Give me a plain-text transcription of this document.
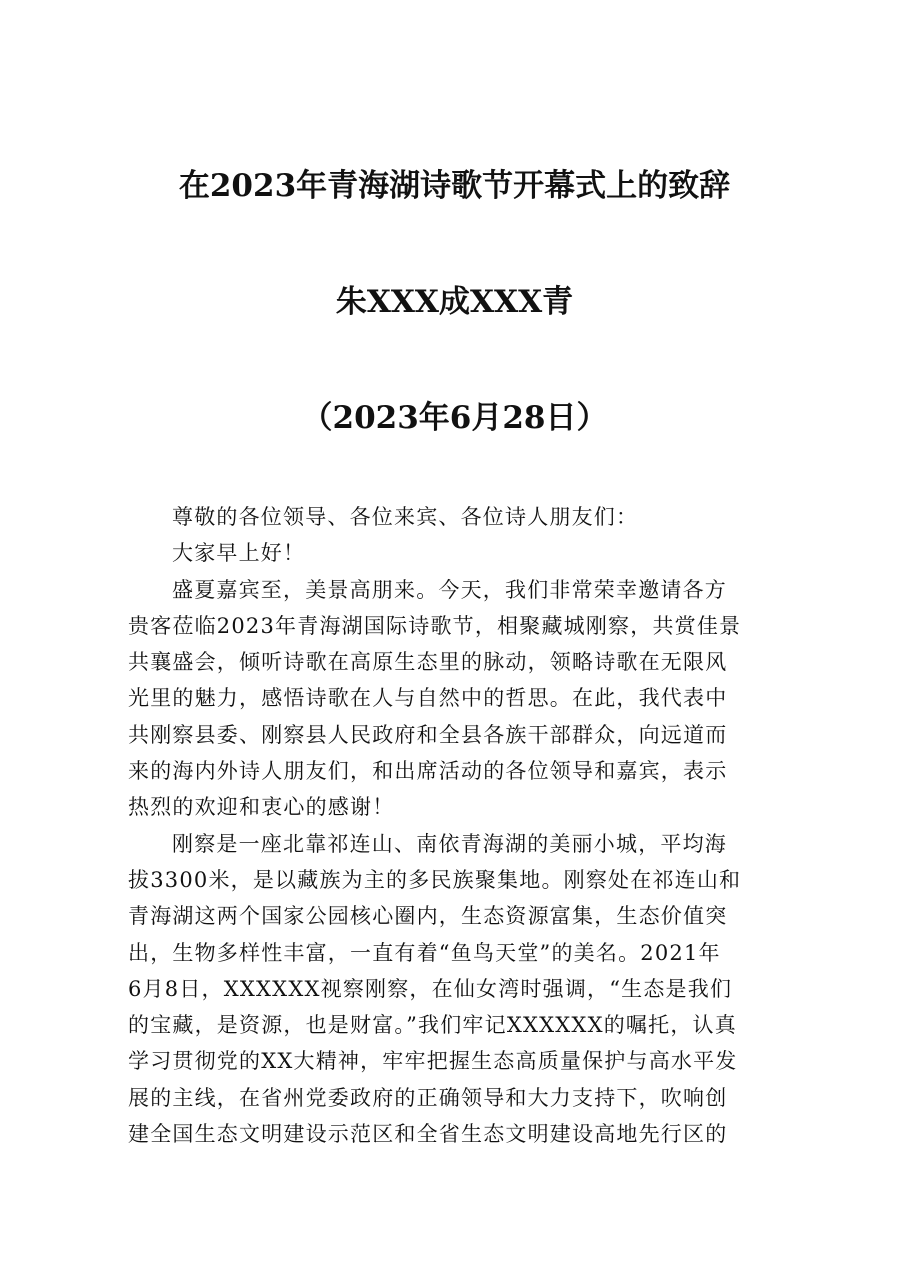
在2023年青海湖诗歌节开幕式上的致辞
朱XXX成XXX青
（2023年6月28日）
尊敬的各位领导、各位来宾、各位诗人朋友们：
大家早上好！
盛夏嘉宾至，美景高朋来。今天，我们非常荣幸邀请各方
贵客莅临2023年青海湖国际诗歌节，相聚藏城刚察，共赏佳景
共襄盛会，倾听诗歌在高原生态里的脉动，领略诗歌在无限风
光里的魅力，感悟诗歌在人与自然中的哲思。在此，我代表中
共刚察县委、刚察县人民政府和全县各族干部群众，向远道而
来的海内外诗人朋友们，和出席活动的各位领导和嘉宾，表示
热烈的欢迎和衷心的感谢！
刚察是一座北靠祁连山、南依青海湖的美丽小城，平均海
拔3300米，是以藏族为主的多民族聚集地。刚察处在祁连山和
青海湖这两个国家公园核心圈内，生态资源富集，生态价值突
出，生物多样性丰富，一直有着“鱼鸟天堂”的美名。2021年
6月8日，XXXXXX视察刚察，在仙女湾时强调，“生态是我们
的宝藏，是资源，也是财富。”我们牢记XXXXXX的嘱托，认真
学习贯彻党的XX大精神，牢牢把握生态高质量保护与高水平发
展的主线，在省州党委政府的正确领导和大力支持下，吹响创
建全国生态文明建设示范区和全省生态文明建设高地先行区的
